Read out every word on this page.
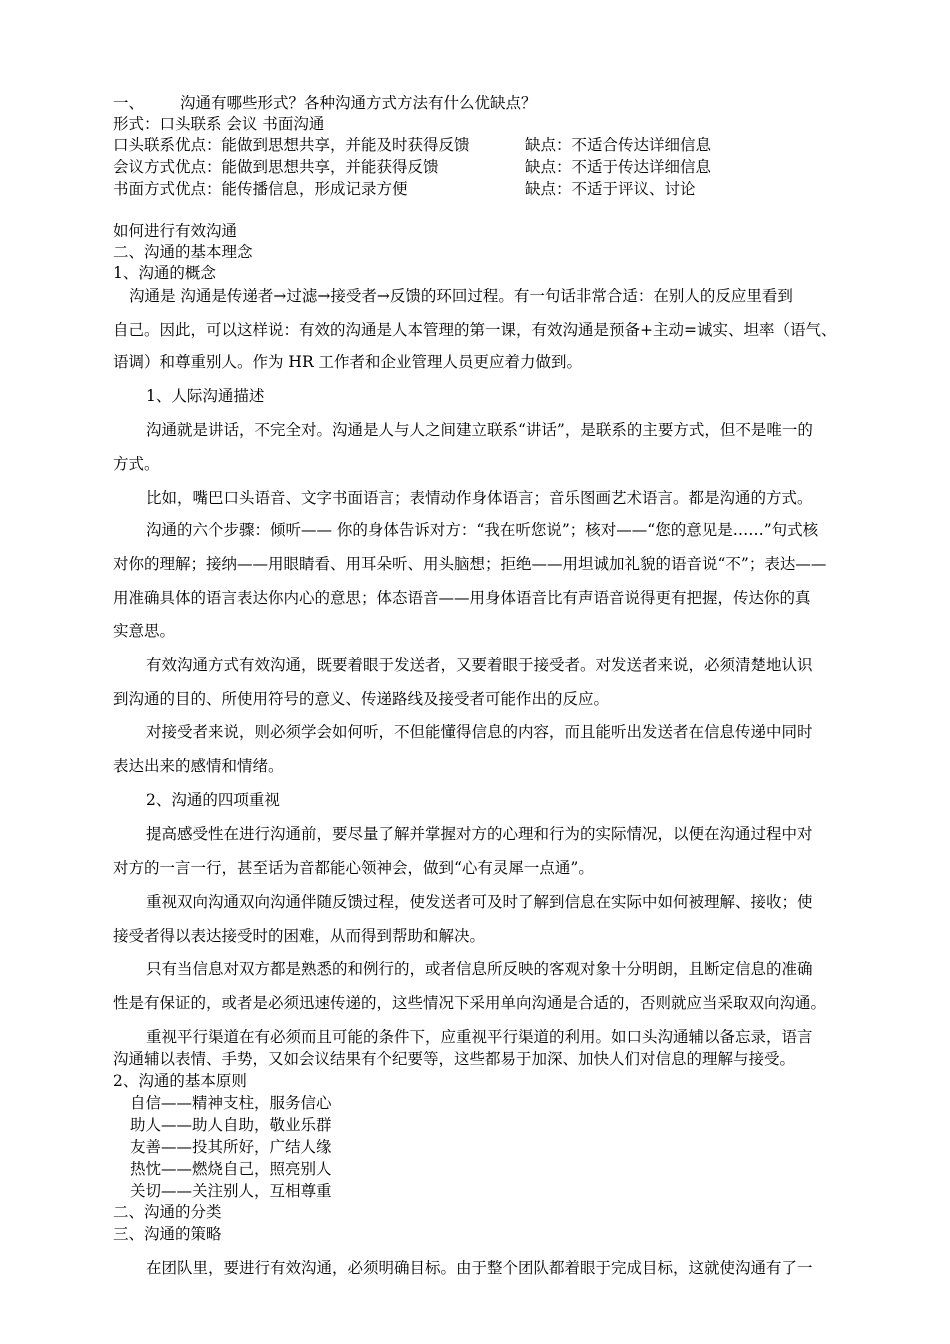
一、 沟通有哪些形式？各种沟通方式方法有什么优缺点？
形式：口头联系 会议 书面沟通
口头联系优点：能做到思想共享，并能及时获得反馈	缺点：不适合传达详细信息
会议方式优点：能做到思想共享，并能获得反馈	缺点：不适于传达详细信息
书面方式优点：能传播信息，形成记录方便	缺点：不适于评议、讨论
如何进行有效沟通
二、沟通的基本理念
1、沟通的概念
沟通是 沟通是传递者→过滤→接受者→反馈的环回过程。有一句话非常合适：在别人的反应里看到
自己。因此，可以这样说：有效的沟通是人本管理的第一课，有效沟通是预备+主动=诚实、坦率（语气、
语调）和尊重别人。作为 HR 工作者和企业管理人员更应着力做到。
1、人际沟通描述
沟通就是讲话，不完全对。沟通是人与人之间建立联系“讲话”，是联系的主要方式，但不是唯一的
方式。
比如，嘴巴口头语音、文字书面语言；表情动作身体语言；音乐图画艺术语言。都是沟通的方式。
沟通的六个步骤：倾听—— 你的身体告诉对方：“我在听您说”；核对——“您的意见是……”句式核
对你的理解；接纳——用眼睛看、用耳朵听、用头脑想；拒绝——用坦诚加礼貌的语音说“不”；表达——
用准确具体的语言表达你内心的意思；体态语音——用身体语音比有声语音说得更有把握，传达你的真
实意思。
有效沟通方式有效沟通，既要着眼于发送者，又要着眼于接受者。对发送者来说，必须清楚地认识
到沟通的目的、所使用符号的意义、传递路线及接受者可能作出的反应。
对接受者来说，则必须学会如何听，不但能懂得信息的内容，而且能听出发送者在信息传递中同时
表达出来的感情和情绪。
2、沟通的四项重视
提高感受性在进行沟通前，要尽量了解并掌握对方的心理和行为的实际情况，以便在沟通过程中对
对方的一言一行，甚至话为音都能心领神会，做到“心有灵犀一点通”。
重视双向沟通双向沟通伴随反馈过程，使发送者可及时了解到信息在实际中如何被理解、接收；使
接受者得以表达接受时的困难，从而得到帮助和解决。
只有当信息对双方都是熟悉的和例行的，或者信息所反映的客观对象十分明朗，且断定信息的准确
性是有保证的，或者是必须迅速传递的，这些情况下采用单向沟通是合适的，否则就应当采取双向沟通。
重视平行渠道在有必须而且可能的条件下，应重视平行渠道的利用。如口头沟通辅以备忘录，语言
沟通辅以表情、手势，又如会议结果有个纪要等，这些都易于加深、加快人们对信息的理解与接受。
2、沟通的基本原则
自信——精神支柱，服务信心
助人——助人自助，敬业乐群
友善——投其所好，广结人缘
热忱——燃烧自己，照亮别人
关切——关注别人，互相尊重
二、沟通的分类
三、沟通的策略
在团队里，要进行有效沟通，必须明确目标。由于整个团队都着眼于完成目标，这就使沟通有了一
